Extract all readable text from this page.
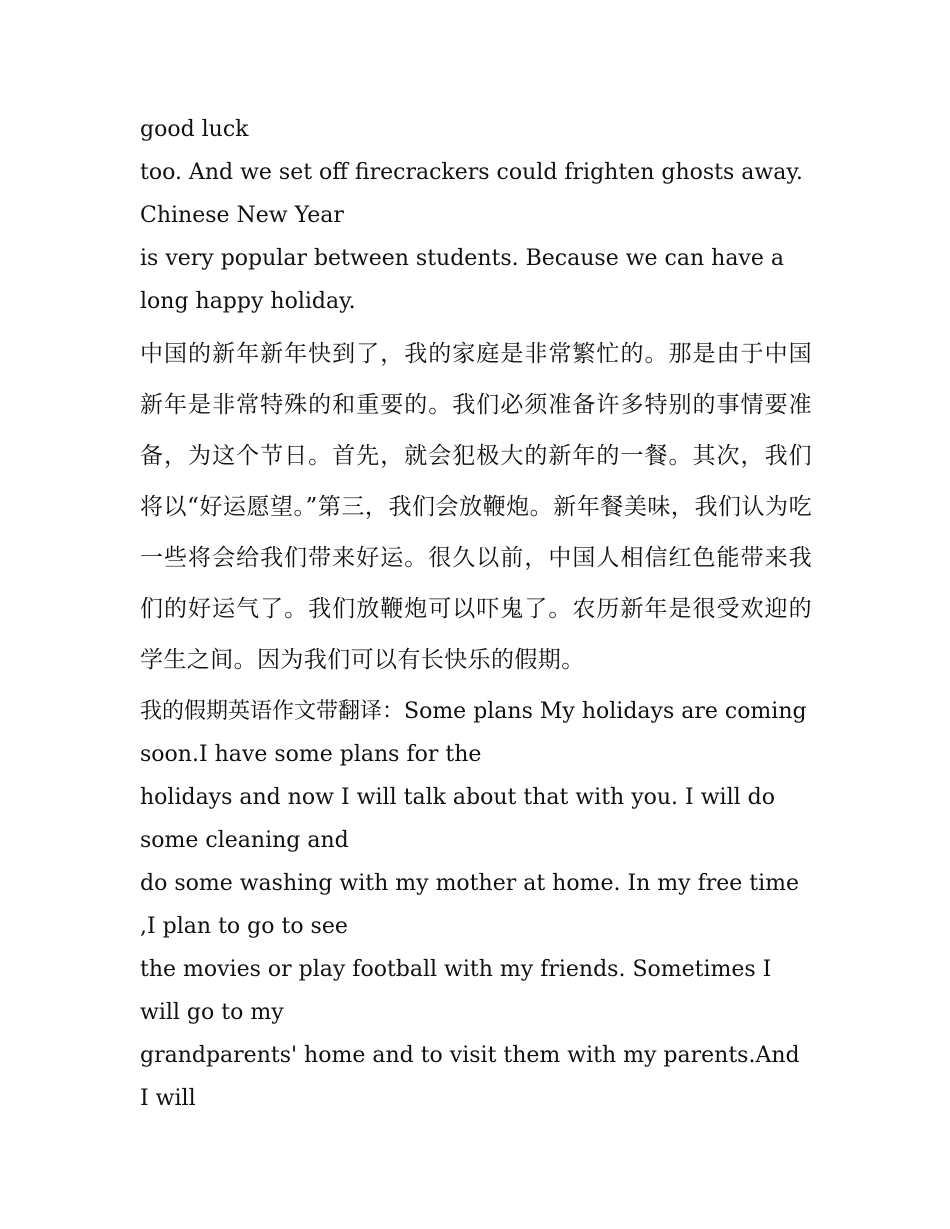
good luck

too. And we set off firecrackers could frighten ghosts away.

Chinese New Year

is very popular between students. Because we can have a long happy holiday.

中国的新年新年快到了，我的家庭是非常繁忙的。那是由于中国新年是非常特殊的和重要的。我们必须准备许多特别的事情要准备，为这个节日。首先，就会犯极大的新年的一餐。其次，我们将以“好运愿望。”第三，我们会放鞭炮。新年餐美味，我们认为吃一些将会给我们带来好运。很久以前，中国人相信红色能带来我们的好运气了。我们放鞭炮可以吓鬼了。农历新年是很受欢迎的学生之间。因为我们可以有长快乐的假期。

我的假期英语作文带翻译：Some plans My holidays are coming soon.I have some plans for the

holidays and now I will talk about that with you. I will do some cleaning and

do some washing with my mother at home. In my free time ,I plan to go to see

the movies or play football with my friends. Sometimes I will go to my

grandparents' home and to visit them with my parents.And I will
